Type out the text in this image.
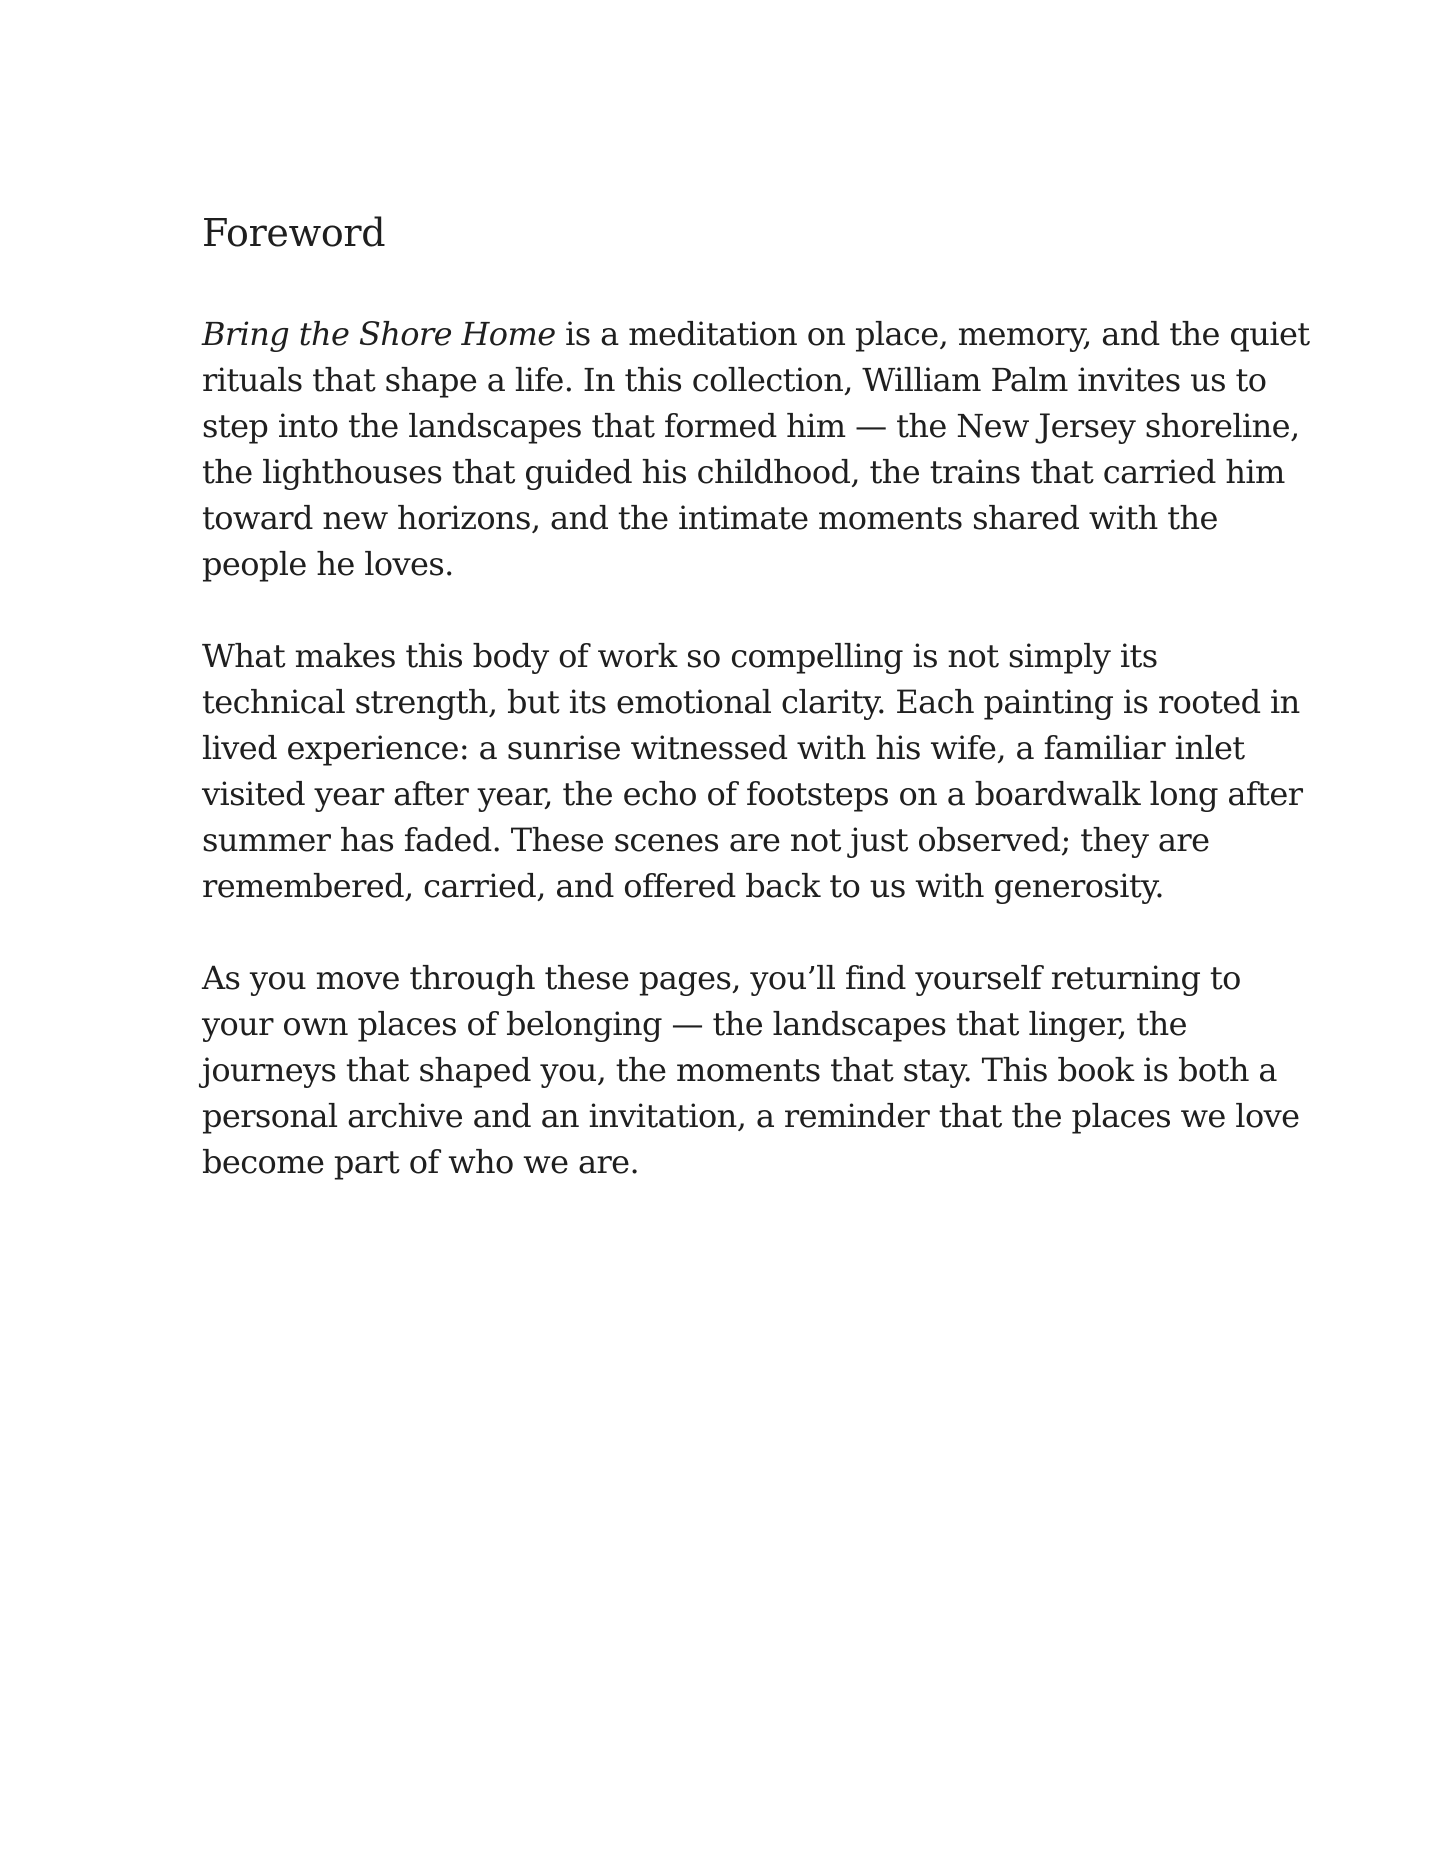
Foreword

Bring the Shore Home is a meditation on place, memory, and the quiet
rituals that shape a life. In this collection, William Palm invites us to
step into the landscapes that formed him — the New Jersey shoreline,
the lighthouses that guided his childhood, the trains that carried him
toward new horizons, and the intimate moments shared with the
people he loves.

What makes this body of work so compelling is not simply its
technical strength, but its emotional clarity. Each painting is rooted in
lived experience: a sunrise witnessed with his wife, a familiar inlet
visited year after year, the echo of footsteps on a boardwalk long after
summer has faded. These scenes are not just observed; they are
remembered, carried, and offered back to us with generosity.

As you move through these pages, you’ll find yourself returning to
your own places of belonging — the landscapes that linger, the
journeys that shaped you, the moments that stay. This book is both a
personal archive and an invitation, a reminder that the places we love
become part of who we are.
